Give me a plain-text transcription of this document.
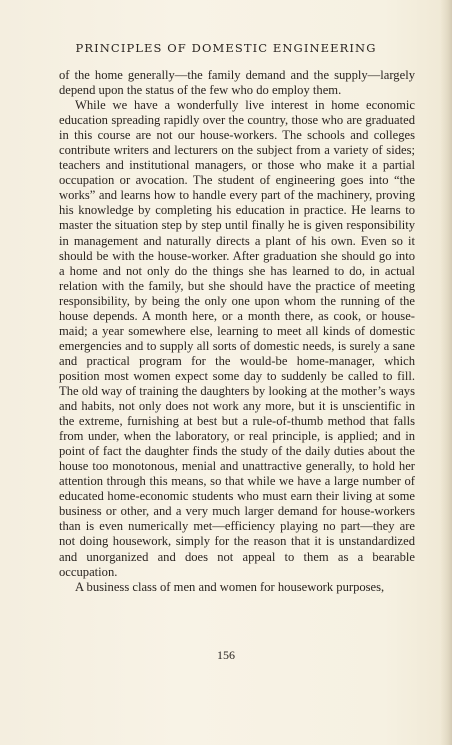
PRINCIPLES OF DOMESTIC ENGINEERING

of the home generally—the family demand and the supply—largely depend upon the status of the few who do employ them.

While we have a wonderfully live interest in home economic education spreading rapidly over the country, those who are graduated in this course are not our house-workers. The schools and colleges contribute writers and lecturers on the subject from a variety of sides; teachers and institutional managers, or those who make it a partial occupation or avocation. The student of engineering goes into “the works” and learns how to handle every part of the machinery, proving his knowledge by completing his education in practice. He learns to master the situation step by step until finally he is given responsibility in management and naturally directs a plant of his own. Even so it should be with the house-worker. After graduation she should go into a home and not only do the things she has learned to do, in actual relation with the family, but she should have the practice of meeting responsibility, by being the only one upon whom the running of the house depends. A month here, or a month there, as cook, or house-maid; a year somewhere else, learning to meet all kinds of domestic emergencies and to supply all sorts of domestic needs, is surely a sane and practical program for the would-be home-manager, which position most women expect some day to suddenly be called to fill. The old way of training the daughters by looking at the mother’s ways and habits, not only does not work any more, but it is unscientific in the extreme, furnishing at best but a rule-of-thumb method that falls from under, when the laboratory, or real principle, is applied; and in point of fact the daughter finds the study of the daily duties about the house too monotonous, menial and unattractive generally, to hold her attention through this means, so that while we have a large number of educated home-economic students who must earn their living at some business or other, and a very much larger demand for house-workers than is even numerically met—efficiency playing no part—they are not doing housework, simply for the reason that it is unstandardized and unorganized and does not appeal to them as a bearable occupation.

A business class of men and women for housework purposes,

156
